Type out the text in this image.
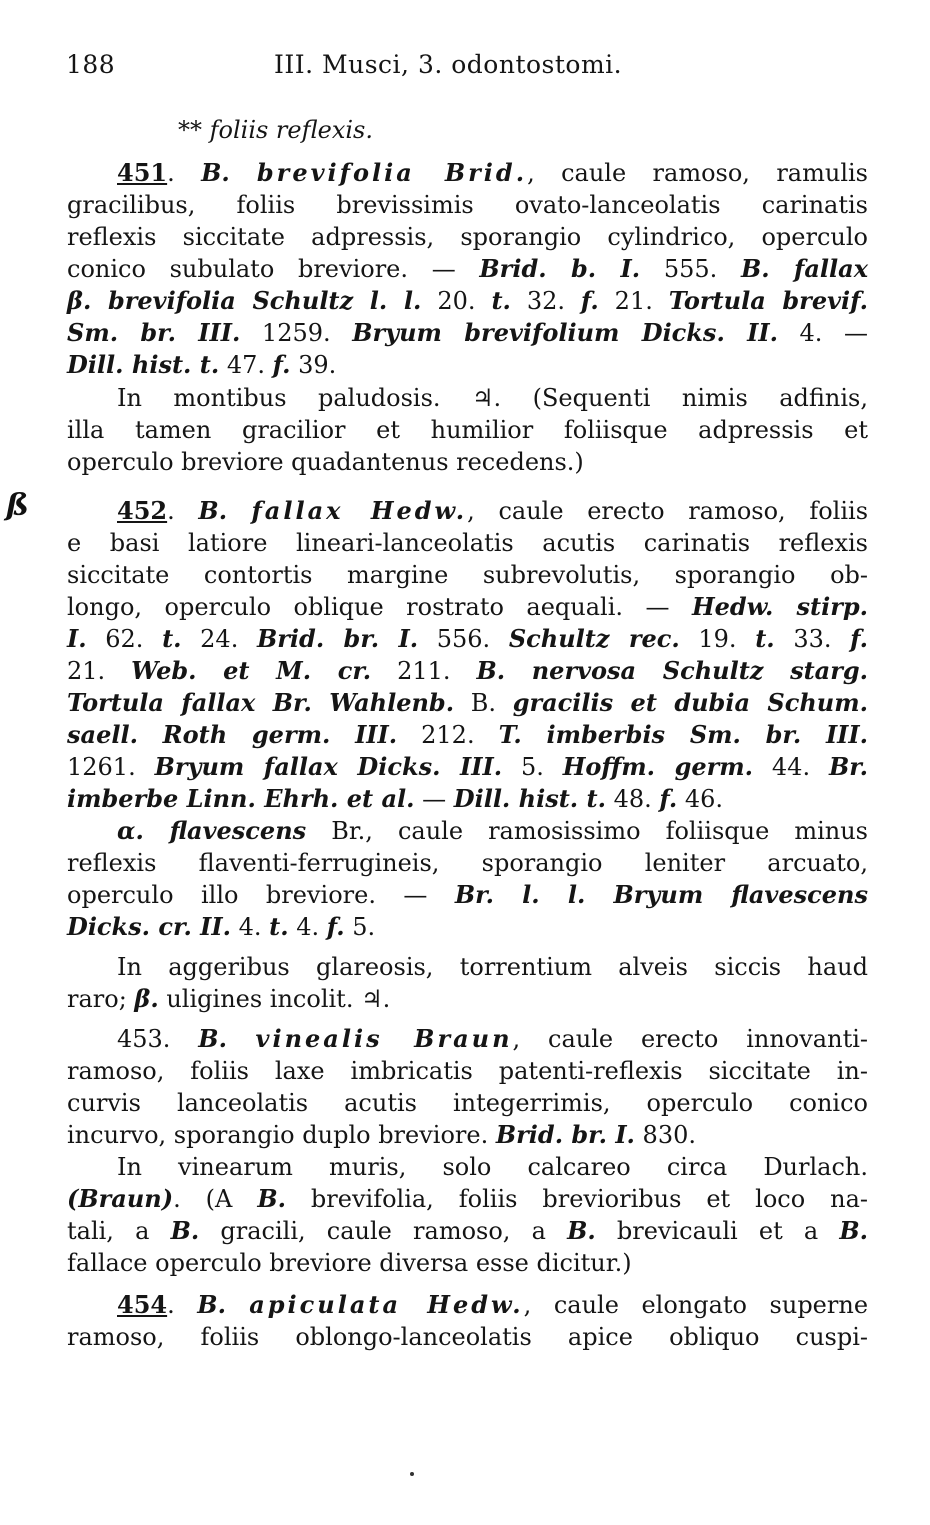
188	III. Musci, 3. odontostomi.
ß
** foliis reflexis.
451. B. brevifolia Brid., caule ramoso, ramulis
gracilibus, foliis brevissimis ovato-lanceolatis carinatis
reflexis siccitate adpressis, sporangio cylindrico, operculo
conico subulato breviore. — Brid. b. I. 555. B. fallax
β. brevifolia Schultz l. l. 20. t. 32. f. 21. Tortula brevif.
Sm. br. III. 1259. Bryum brevifolium Dicks. II. 4. —
Dill. hist. t. 47. f. 39.
In montibus paludosis. ♃. (Sequenti nimis adfinis,
illa tamen gracilior et humilior foliisque adpressis et
operculo breviore quadantenus recedens.)
452. B. fallax Hedw., caule erecto ramoso, foliis
e basi latiore lineari-lanceolatis acutis carinatis reflexis
siccitate contortis margine subrevolutis, sporangio ob-
longo, operculo oblique rostrato aequali. — Hedw. stirp.
I. 62. t. 24. Brid. br. I. 556. Schultz rec. 19. t. 33. f.
21. Web. et M. cr. 211. B. nervosa Schultz starg.
Tortula fallax Br. Wahlenb. B. gracilis et dubia Schum.
saell. Roth germ. III. 212. T. imberbis Sm. br. III.
1261. Bryum fallax Dicks. III. 5. Hoffm. germ. 44. Br.
imberbe Linn. Ehrh. et al. — Dill. hist. t. 48. f. 46.
α. flavescens Br., caule ramosissimo foliisque minus
reflexis flaventi-ferrugineis, sporangio leniter arcuato,
operculo illo breviore. — Br. l. l. Bryum flavescens
Dicks. cr. II. 4. t. 4. f. 5.
In aggeribus glareosis, torrentium alveis siccis haud
raro; β. uligines incolit. ♃.
453. B. vinealis Braun, caule erecto innovanti-
ramoso, foliis laxe imbricatis patenti-reflexis siccitate in-
curvis lanceolatis acutis integerrimis, operculo conico
incurvo, sporangio duplo breviore. Brid. br. I. 830.
In vinearum muris, solo calcareo circa Durlach.
(Braun). (A B. brevifolia, foliis brevioribus et loco na-
tali, a B. gracili, caule ramoso, a B. brevicauli et a B.
fallace operculo breviore diversa esse dicitur.)
454. B. apiculata Hedw., caule elongato superne
ramoso, foliis oblongo-lanceolatis apice obliquo cuspi-
